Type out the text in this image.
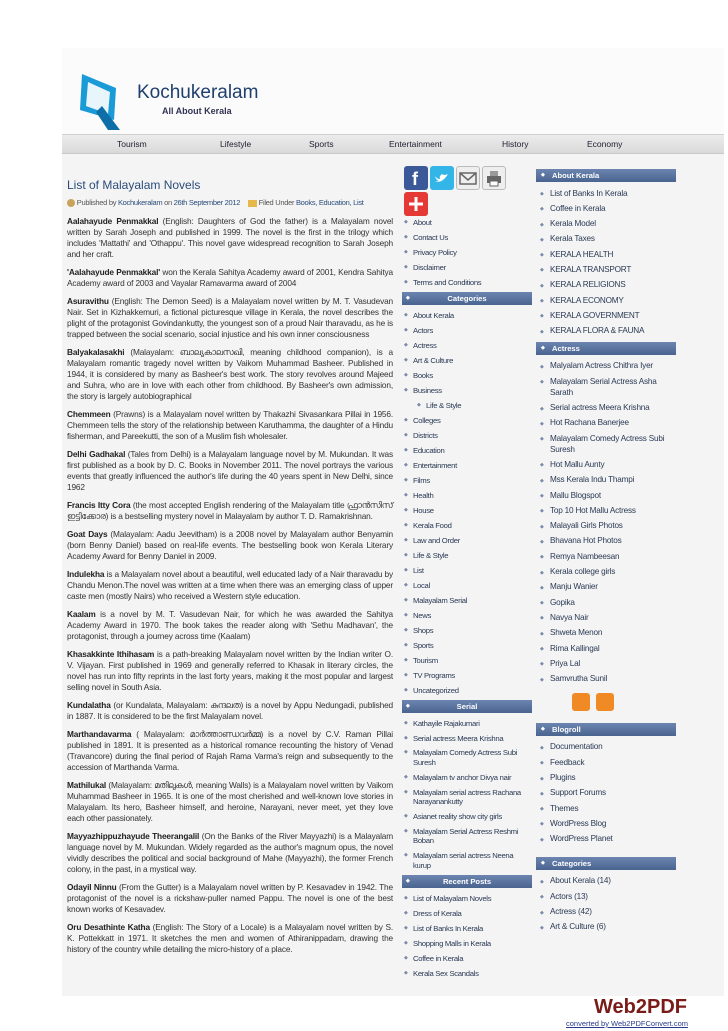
Kochukeralam
All About Kerala
Tourism	Lifestyle	Sports	Entertainment	History	Economy
List of Malayalam Novels
Published by Kochukeralam on 26th September 2012 Filed Under Books, Education, List

Aalahayude Penmakkal (English: Daughters of God the father) is a Malayalam novel written by Sarah Joseph and published in 1999. The novel is the first in the trilogy which includes 'Mattathi' and 'Othappu'. This novel gave widespread recognition to Sarah Joseph and her craft.

'Aalahayude Penmakkal' won the Kerala Sahitya Academy award of 2001, Kendra Sahitya Academy award of 2003 and Vayalar Ramavarma award of 2004

Asuravithu (English: The Demon Seed) is a Malayalam novel written by M. T. Vasudevan Nair. Set in Kizhakkemuri, a fictional picturesque village in Kerala, the novel describes the plight of the protagonist Govindankutty, the youngest son of a proud Nair tharavadu, as he is trapped between the social scenario, social injustice and his own inner consciousness

Balyakalasakhi (Malayalam: ബാല്യകാലസഖി, meaning childhood companion), is a Malayalam romantic tragedy novel written by Vaikom Muhammad Basheer. Published in 1944, it is considered by many as Basheer's best work. The story revolves around Majeed and Suhra, who are in love with each other from childhood. By Basheer's own admission, the story is largely autobiographical

Chemmeen (Prawns) is a Malayalam novel written by Thakazhi Sivasankara Pillai in 1956. Chemmeen tells the story of the relationship between Karuthamma, the daughter of a Hindu fisherman, and Pareekutti, the son of a Muslim fish wholesaler.

Delhi Gadhakal (Tales from Delhi) is a Malayalam language novel by M. Mukundan. It was first published as a book by D. C. Books in November 2011. The novel portrays the various events that greatly influenced the author's life during the 40 years spent in New Delhi, since 1962

Francis Itty Cora (the most accepted English rendering of the Malayalam title ഫ്രാൻസിസ് ഇട്ടിക്കോര) is a bestselling mystery novel in Malayalam by author T. D. Ramakrishnan.

Goat Days (Malayalam: Aadu Jeevitham) is a 2008 novel by Malayalam author Benyamin (born Benny Daniel) based on real-life events. The bestselling book won Kerala Literary Academy Award for Benny Daniel in 2009.

Indulekha is a Malayalam novel about a beautiful, well educated lady of a Nair tharavadu by Chandu Menon.The novel was written at a time when there was an emerging class of upper caste men (mostly Nairs) who received a Western style education.

Kaalam is a novel by M. T. Vasudevan Nair, for which he was awarded the Sahitya Academy Award in 1970. The book takes the reader along with 'Sethu Madhavan', the protagonist, through a journey across time (Kaalam)

Khasakkinte Ithihasam is a path-breaking Malayalam novel written by the Indian writer O. V. Vijayan. First published in 1969 and generally referred to Khasak in literary circles, the novel has run into fifty reprints in the last forty years, making it the most popular and largest selling novel in South Asia.

Kundalatha (or Kundalata, Malayalam: കുന്ദലത) is a novel by Appu Nedungadi, published in 1887. It is considered to be the first Malayalam novel.

Marthandavarma ( Malayalam: മാർത്താണ്ഡവർമ്മ) is a novel by C.V. Raman Pillai published in 1891. It is presented as a historical romance recounting the history of Venad (Travancore) during the final period of Rajah Rama Varma's reign and subsequently to the accession of Marthanda Varma.

Mathilukal (Malayalam: മതിലുകൾ, meaning Walls) is a Malayalam novel written by Vaikom Muhammad Basheer in 1965. It is one of the most cherished and well-known love stories in Malayalam. Its hero, Basheer himself, and heroine, Narayani, never meet, yet they love each other passionately.

Mayyazhippuzhayude Theerangalil (On the Banks of the River Mayyazhi) is a Malayalam language novel by M. Mukundan. Widely regarded as the author's magnum opus, the novel vividly describes the political and social background of Mahe (Mayyazhi), the former French colony, in the past, in a mystical way.

Odayil Ninnu (From the Gutter) is a Malayalam novel written by P. Kesavadev in 1942. The protagonist of the novel is a rickshaw-puller named Pappu. The novel is one of the best known works of Kesavadev.

Oru Desathinte Katha (English: The Story of a Locale) is a Malayalam novel written by S. K. Pottekkatt in 1971. It sketches the men and women of Athiranippadam, drawing the history of the country while detailing the micro-history of a place.

f
◆ About
◆ Contact Us
◆ Privacy Policy
◆ Disclaimer
◆ Terms and Conditions
◆ Categories
◆ About Kerala
◆ Actors
◆ Actress
◆ Art & Culture
◆ Books
◆ Business
◆ Life & Style
◆ Colleges
◆ Districts
◆ Education
◆ Entertainment
◆ Films
◆ Health
◆ House
◆ Kerala Food
◆ Law and Order
◆ Life & Style
◆ List
◆ Local
◆ Malayalam Serial
◆ News
◆ Shops
◆ Sports
◆ Tourism
◆ TV Programs
◆ Uncategorized
◆ Serial
◆ Kathayile Rajakumari
◆ Serial actress Meera Krishna
◆ Malayalam Comedy Actress Subi Suresh
◆ Malayalam tv anchor Divya nair
◆ Malayalam serial actress Rachana Narayanankutty
◆ Asianet reality show city girls
◆ Malayalam Serial Actress Reshmi Boban
◆ Malayalam serial actress Neena kurup
◆ Recent Posts
◆ List of Malayalam Novels
◆ Dress of Kerala
◆ List of Banks In Kerala
◆ Shopping Malls in Kerala
◆ Coffee in Kerala
◆ Kerala Sex Scandals
◆ About Kerala
◆ List of Banks In Kerala
◆ Coffee in Kerala
◆ Kerala Model
◆ Kerala Taxes
◆ KERALA HEALTH
◆ KERALA TRANSPORT
◆ KERALA RELIGIONS
◆ KERALA ECONOMY
◆ KERALA GOVERNMENT
◆ KERALA FLORA & FAUNA
◆ Actress
◆ Malyalam Actress Chithra Iyer
◆ Malayalam Serial Actress Asha Sarath
◆ Serial actress Meera Krishna
◆ Hot Rachana Banerjee
◆ Malayalam Comedy Actress Subi Suresh
◆ Hot Mallu Aunty
◆ Mss Kerala Indu Thampi
◆ Mallu Blogspot
◆ Top 10 Hot Mallu Actress
◆ Malayali Girls Photos
◆ Bhavana Hot Photos
◆ Remya Nambeesan
◆ Kerala college girls
◆ Manju Wanier
◆ Gopika
◆ Navya Nair
◆ Shweta Menon
◆ Rima Kallingal
◆ Priya Lal
◆ Samvrutha Sunil
◆ Blogroll
◆ Documentation
◆ Feedback
◆ Plugins
◆ Support Forums
◆ Themes
◆ WordPress Blog
◆ WordPress Planet
◆ Categories
◆ About Kerala (14)
◆ Actors (13)
◆ Actress (42)
◆ Art & Culture (6)
Web2PDF
converted by Web2PDFConvert.com
